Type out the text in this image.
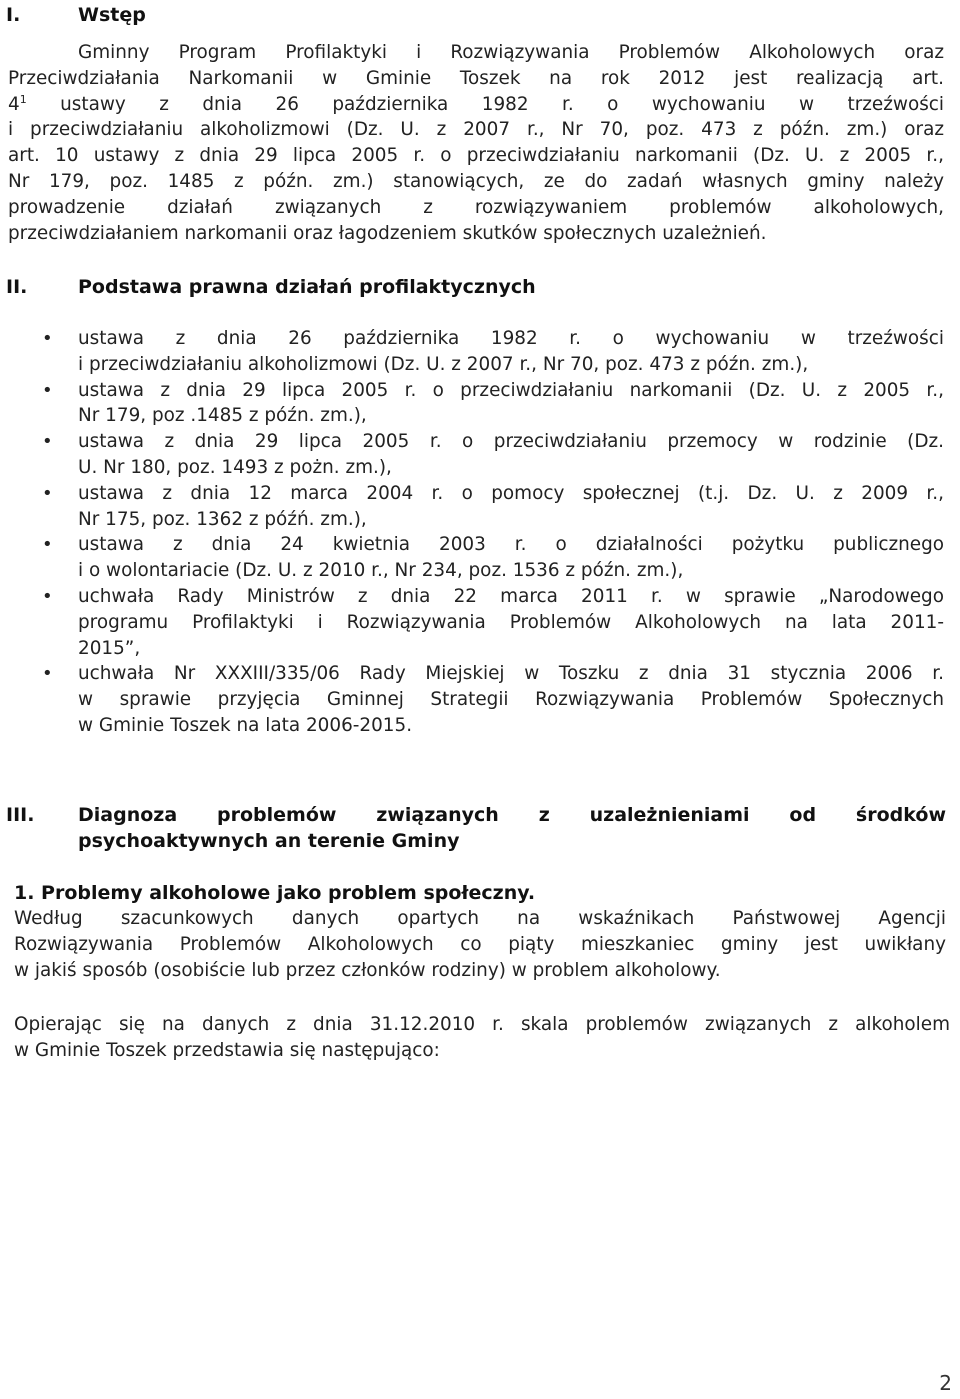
I.	Wstęp
Gminny Program Profilaktyki i Rozwiązywania Problemów Alkoholowych oraz
Przeciwdziałania Narkomanii w Gminie Toszek na rok 2012 jest realizacją art.
$4^1$ ustawy z dnia 26 października 1982 r. o wychowaniu w trzeźwości
i przeciwdziałaniu alkoholizmowi (Dz. U. z 2007 r., Nr 70, poz. 473 z późn. zm.) oraz
art. 10 ustawy z dnia 29 lipca 2005 r. o przeciwdziałaniu narkomanii (Dz. U. z 2005 r.,
Nr 179, poz. 1485 z późn. zm.) stanowiących, ze do zadań własnych gminy należy
prowadzenie działań związanych z rozwiązywaniem problemów alkoholowych,
przeciwdziałaniem narkomanii oraz łagodzeniem skutków społecznych uzależnień.
II.	Podstawa prawna działań profilaktycznych
• ustawa z dnia 26 października 1982 r. o wychowaniu w trzeźwości
i przeciwdziałaniu alkoholizmowi (Dz. U. z 2007 r., Nr 70, poz. 473 z późn. zm.),
• ustawa z dnia 29 lipca 2005 r. o przeciwdziałaniu narkomanii (Dz. U. z 2005 r.,
Nr 179, poz .1485 z późn. zm.),
• ustawa z dnia 29 lipca 2005 r. o przeciwdziałaniu przemocy w rodzinie (Dz.
U. Nr 180, poz. 1493 z pożn. zm.),
• ustawa z dnia 12 marca 2004 r. o pomocy społecznej (t.j. Dz. U. z 2009 r.,
Nr 175, poz. 1362 z późń. zm.),
• ustawa z dnia 24 kwietnia 2003 r. o działalności pożytku publicznego
i o wolontariacie (Dz. U. z 2010 r., Nr 234, poz. 1536 z późn. zm.),
• uchwała Rady Ministrów z dnia 22 marca 2011 r. w sprawie „Narodowego
programu Profilaktyki i Rozwiązywania Problemów Alkoholowych na lata 2011-
2015”,
• uchwała Nr XXXIII/335/06 Rady Miejskiej w Toszku z dnia 31 stycznia 2006 r.
w sprawie przyjęcia Gminnej Strategii Rozwiązywania Problemów Społecznych
w Gminie Toszek na lata 2006-2015.
III. Diagnoza problemów związanych z uzależnieniami od środków
psychoaktywnych an terenie Gminy
1. Problemy alkoholowe jako problem społeczny.
Według szacunkowych danych opartych na wskaźnikach Państwowej Agencji
Rozwiązywania Problemów Alkoholowych co piąty mieszkaniec gminy jest uwikłany
w jakiś sposób (osobiście lub przez członków rodziny) w problem alkoholowy.
Opierając się na danych z dnia 31.12.2010 r. skala problemów związanych z alkoholem
w Gminie Toszek przedstawia się następująco:
2
